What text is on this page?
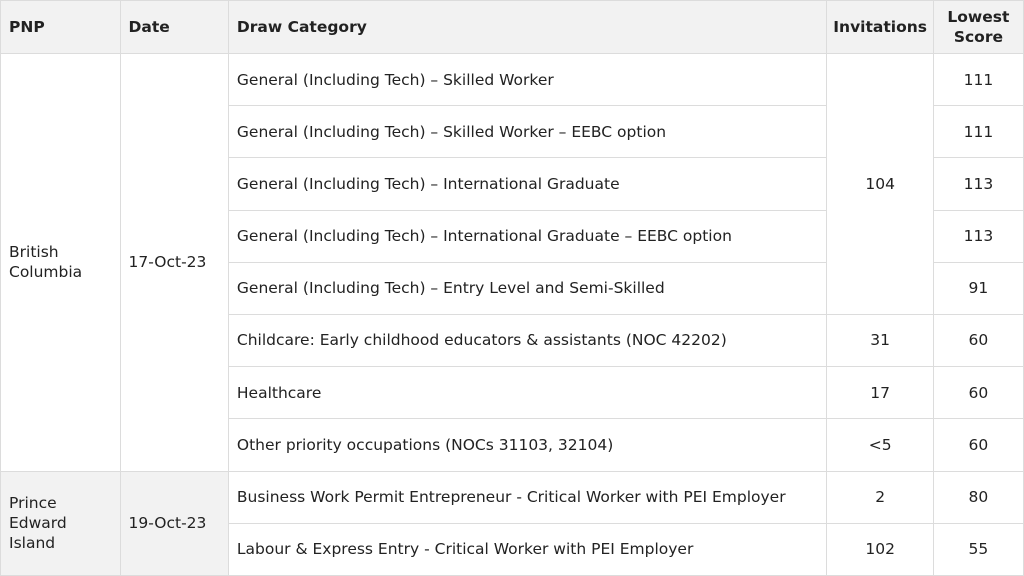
PNP	Date	Draw Category	Invitations	Lowest Score
British Columbia	17-Oct-23	General (Including Tech) – Skilled Worker	104	111
		General (Including Tech) – Skilled Worker – EEBC option		111
		General (Including Tech) – International Graduate		113
		General (Including Tech) – International Graduate – EEBC option		113
		General (Including Tech) – Entry Level and Semi-Skilled		91
		Childcare: Early childhood educators & assistants (NOC 42202)	31	60
		Healthcare	17	60
		Other priority occupations (NOCs 31103, 32104)	<5	60
Prince Edward Island	19-Oct-23	Business Work Permit Entrepreneur - Critical Worker with PEI Employer	2	80
		Labour & Express Entry - Critical Worker with PEI Employer	102	55
